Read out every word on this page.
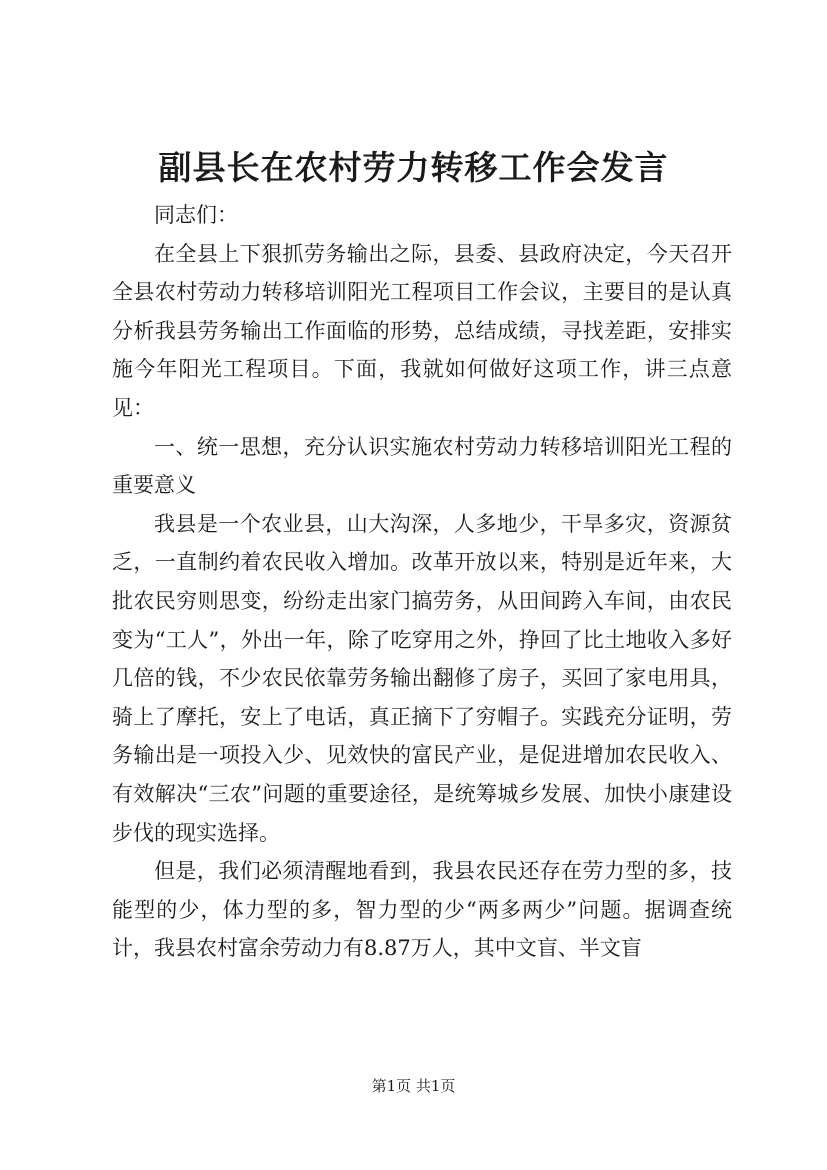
副县长在农村劳力转移工作会发言

同志们：

在全县上下狠抓劳务输出之际，县委、县政府决定，今天召开全县农村劳动力转移培训阳光工程项目工作会议，主要目的是认真分析我县劳务输出工作面临的形势，总结成绩，寻找差距，安排实施今年阳光工程项目。下面，我就如何做好这项工作，讲三点意见：

一、统一思想，充分认识实施农村劳动力转移培训阳光工程的重要意义

我县是一个农业县，山大沟深，人多地少，干旱多灾，资源贫乏，一直制约着农民收入增加。改革开放以来，特别是近年来，大批农民穷则思变，纷纷走出家门搞劳务，从田间跨入车间，由农民变为“工人”，外出一年，除了吃穿用之外，挣回了比土地收入多好几倍的钱，不少农民依靠劳务输出翻修了房子，买回了家电用具，骑上了摩托，安上了电话，真正摘下了穷帽子。实践充分证明，劳务输出是一项投入少、见效快的富民产业，是促进增加农民收入、有效解决“三农”问题的重要途径，是统筹城乡发展、加快小康建设步伐的现实选择。

但是，我们必须清醒地看到，我县农民还存在劳力型的多，技能型的少，体力型的多，智力型的少“两多两少”问题。据调查统计，我县农村富余劳动力有8.87万人，其中文盲、半文盲

第1页 共1页
